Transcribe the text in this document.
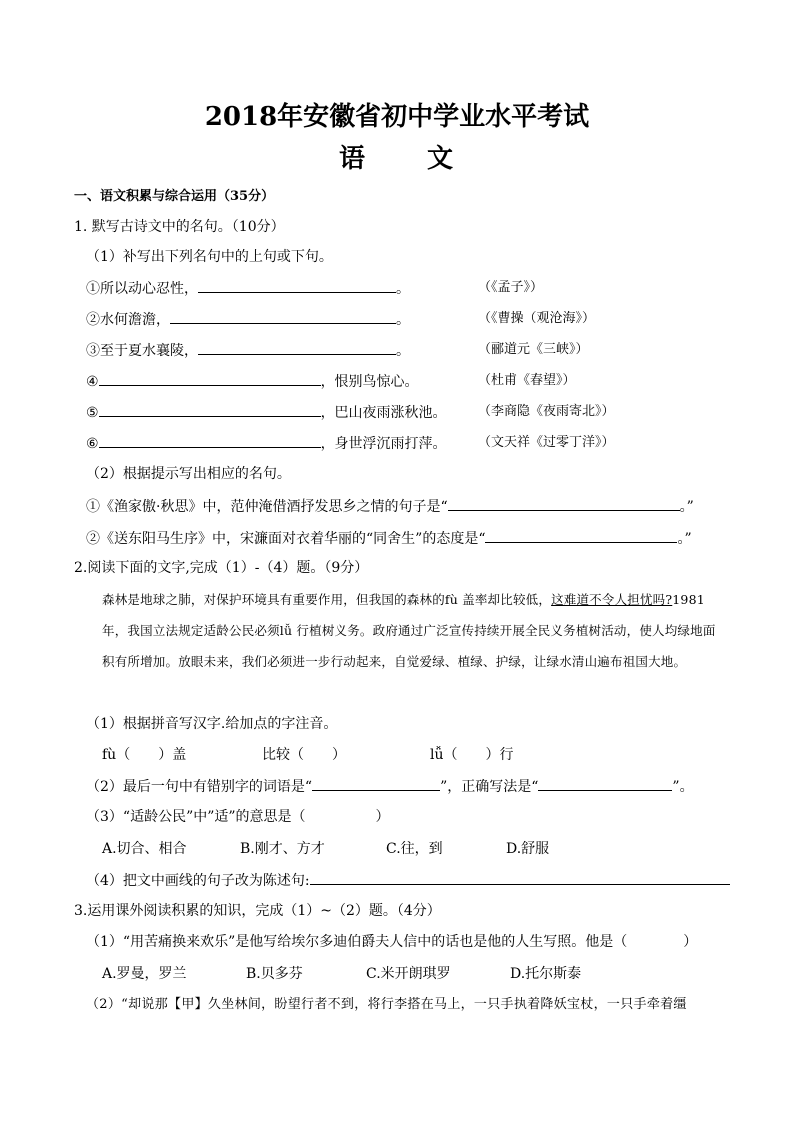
2018年安徽省初中学业水平考试
语 文
一、语文积累与综合运用（35分）
1. 默写古诗文中的名句。（10分）
（1）补写出下列名句中的上句或下句。
①所以动心忍性，	。	（《孟子》）
②水何澹澹，	。	（《曹操（观沧海》）
③至于夏水襄陵，	。	（郦道元《三峡》）
④	，恨别鸟惊心。	（杜甫《春望》）
⑤	，巴山夜雨涨秋池。 （李商隐《夜雨寄北》）
⑥	，身世浮沉雨打萍。 （文天祥《过零丁洋》）
（2）根据提示写出相应的名句。
①《渔家傲·秋思》中，范仲淹借酒抒发思乡之情的句子是“	。”
②《送东阳马生序》中，宋濂面对衣着华丽的“同舍生”的态度是“	。”
2.阅读下面的文字,完成（1）-（4）题。（9分）
森林是地球之肺，对保护环境具有重要作用，但我国的森林的fù 盖率却比较低，这难道不令人担忧吗?1981年，我国立法规定适龄公民必须lǚ 行植树义务。政府通过广泛宣传持续开展全民义务植树活动，使人均绿地面积有所增加。放眼未来，我们必须进一步行动起来，自觉爱绿、植绿、护绿，让绿水清山遍布祖国大地。
（1）根据拼音写汉字.给加点的字注音。
fù（　　）盖	比较（　　）	lǚ（　　）行
（2）最后一句中有错别字的词语是“	”，正确写法是“	”。
（3）“适龄公民”中”适”的意思是（　　　　　）
A.切合、相合	B.刚才、方才	C.往，到	D.舒服
（4）把文中画线的句子改为陈述句:
3.运用课外阅读积累的知识，完成（1）~（2）题。（4分）
（1）“用苦痛换来欢乐”是他写给埃尔多迪伯爵夫人信中的话也是他的人生写照。他是（　　　　）
A.罗曼，罗兰	B.贝多芬	C.米开朗琪罗	D.托尔斯泰
（2）“却说那【甲】久坐林间，盼望行者不到，将行李搭在马上，一只手执着降妖宝杖，一只手牵着缰
